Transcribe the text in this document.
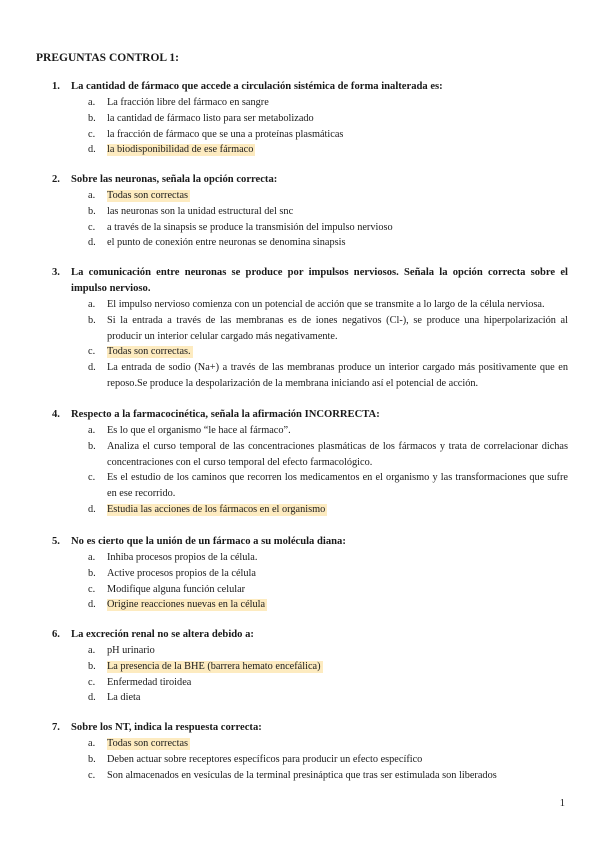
PREGUNTAS CONTROL 1:
1.	La cantidad de fármaco que accede a circulación sistémica de forma inalterada es:
a.	La fracción libre del fármaco en sangre
b.	la cantidad de fármaco listo para ser metabolizado
c.	la fracción de fármaco que se una a proteínas plasmáticas
d.	la biodisponibilidad de ese fármaco
2.	Sobre las neuronas, señala la opción correcta:
a.	Todas son correctas
b.	las neuronas son la unidad estructural del snc
c.	a través de la sinapsis se produce la transmisión del impulso nervioso
d.	el punto de conexión entre neuronas se denomina sinapsis
3.	La comunicación entre neuronas se produce por impulsos nerviosos. Señala la opción correcta sobre el impulso nervioso.
a.	El impulso nervioso comienza con un potencial de acción que se transmite a lo largo de la célula nerviosa.
b.	Si la entrada a través de las membranas es de iones negativos (Cl-), se produce una hiperpolarización al producir un interior celular cargado más negativamente.
c.	Todas son correctas.
d.	La entrada de sodio (Na+) a través de las membranas produce un interior cargado más positivamente que en reposo.Se produce la despolarización de la membrana iniciando así el potencial de acción.
4.	Respecto a la farmacocinética, señala la afirmación INCORRECTA:
a.	Es lo que el organismo “le hace al fármaco”.
b.	Analiza el curso temporal de las concentraciones plasmáticas de los fármacos y trata de correlacionar dichas concentraciones con el curso temporal del efecto farmacológico.
c.	Es el estudio de los caminos que recorren los medicamentos en el organismo y las transformaciones que sufre en ese recorrido.
d.	Estudia las acciones de los fármacos en el organismo
5.	No es cierto que la unión de un fármaco a su molécula diana:
a.	Inhiba procesos propios de la célula.
b.	Active procesos propios de la célula
c.	Modifique alguna función celular
d.	Origine reacciones nuevas en la célula
6.	La excreción renal no se altera debido a:
a.	pH urinario
b.	La presencia de la BHE (barrera hemato encefálica)
c.	Enfermedad tiroidea
d.	La dieta
7.	Sobre los NT, indica la respuesta correcta:
a.	Todas son correctas
b.	Deben actuar sobre receptores específicos para producir un efecto específico
c.	Son almacenados en vesículas de la terminal presináptica que tras ser estimulada son liberados
1
